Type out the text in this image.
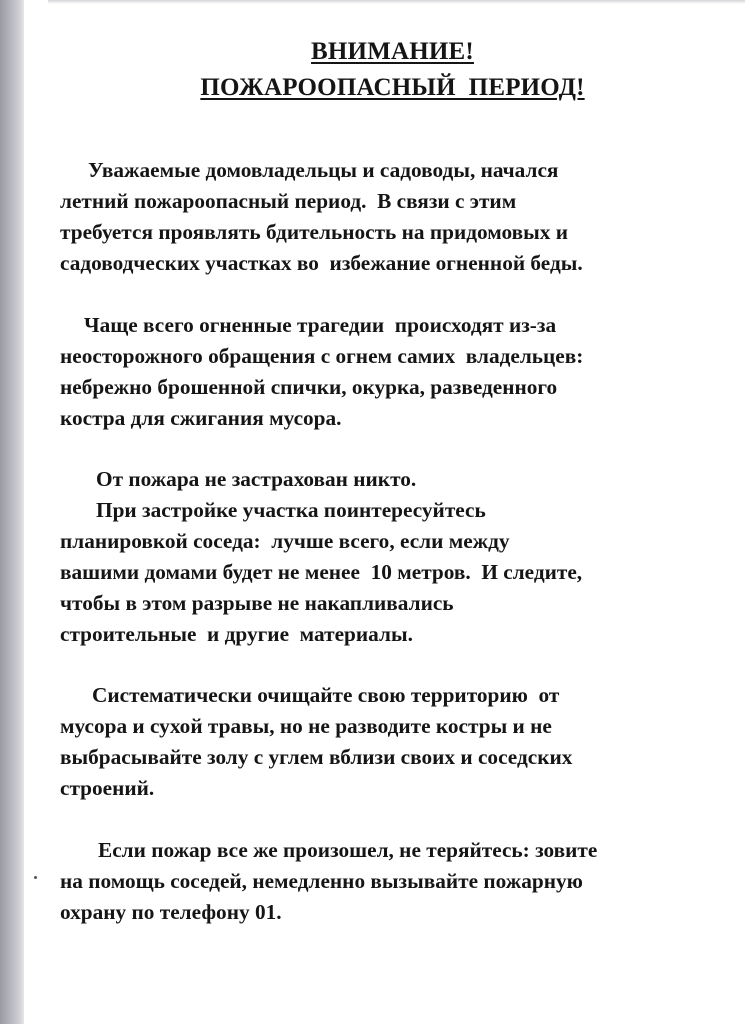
ВНИМАНИЕ!
ПОЖАРООПАСНЫЙ  ПЕРИОД!

Уважаемые домовладельцы и садоводы, начался

летний пожароопасный период.  В связи с этим

требуется проявлять бдительность на придомовых и

садоводческих участках во  избежание огненной беды.

Чаще всего огненные трагедии  происходят из-за

неосторожного обращения с огнем самих  владельцев:

небрежно брошенной спички, окурка, разведенного

костра для сжигания мусора.

От пожара не застрахован никто.

При застройке участка поинтересуйтесь

планировкой соседа:  лучше всего, если между

вашими домами будет не менее  10 метров.  И следите,

чтобы в этом разрыве не накапливались

строительные  и другие  материалы.

Систематически очищайте свою территорию  от

мусора и сухой травы, но не разводите костры и не

выбрасывайте золу с углем вблизи своих и соседских

строений.

Если пожар все же произошел, не теряйтесь: зовите

на помощь соседей, немедленно вызывайте пожарную

охрану по телефону 01.
